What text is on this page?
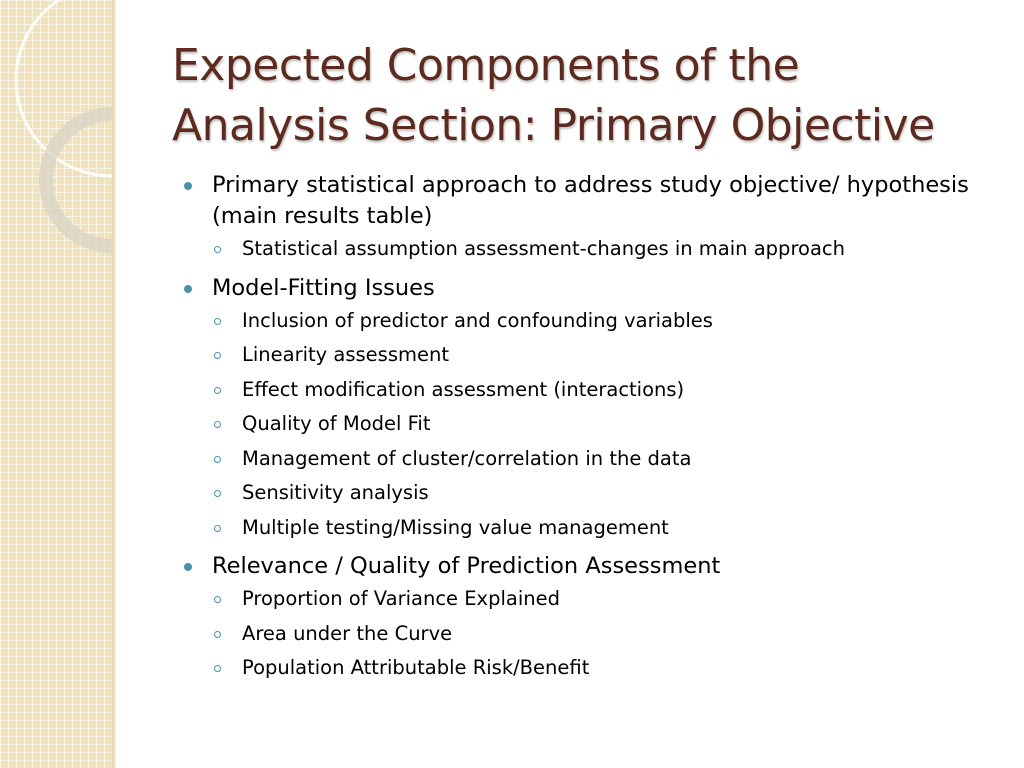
Expected Components of the
Analysis Section: Primary Objective
Primary statistical approach to address study objective/ hypothesis (main results table)
Statistical assumption assessment-changes in main approach
Model-Fitting Issues
Inclusion of predictor and confounding variables
Linearity assessment
Effect modification assessment (interactions)
Quality of Model Fit
Management of cluster/correlation in the data
Sensitivity analysis
Multiple testing/Missing value management
Relevance / Quality of Prediction Assessment
Proportion of Variance Explained
Area under the Curve
Population Attributable Risk/Benefit
